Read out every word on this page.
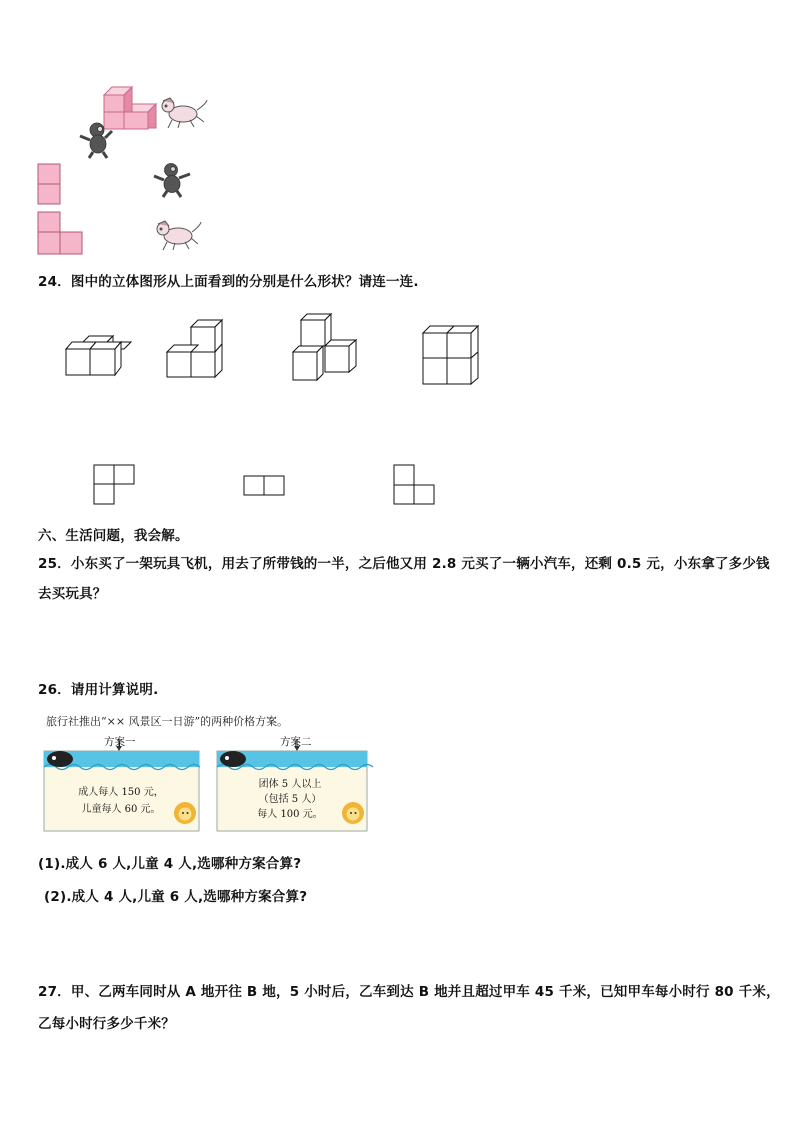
24．图中的立体图形从上面看到的分别是什么形状？请连一连.
六、生活问题，我会解。
25．小东买了一架玩具飞机，用去了所带钱的一半，之后他又用 2.8 元买了一辆小汽车，还剩 0.5 元，小东拿了多少钱
去买玩具？
26．请用计算说明.
旅行社推出“×× 风景区一日游”的两种价格方案。
方案一
成人每人 150 元，
儿童每人 60 元。
方案二
团体 5 人以上
（包括 5 人）
每人 100 元。
(1).成人 6 人,儿童 4 人,选哪种方案合算?
(2).成人 4 人,儿童 6 人,选哪种方案合算?
27．甲、乙两车同时从 A 地开往 B 地，5 小时后，乙车到达 B 地并且超过甲车 45 千米，已知甲车每小时行 80 千米，
乙每小时行多少千米？
